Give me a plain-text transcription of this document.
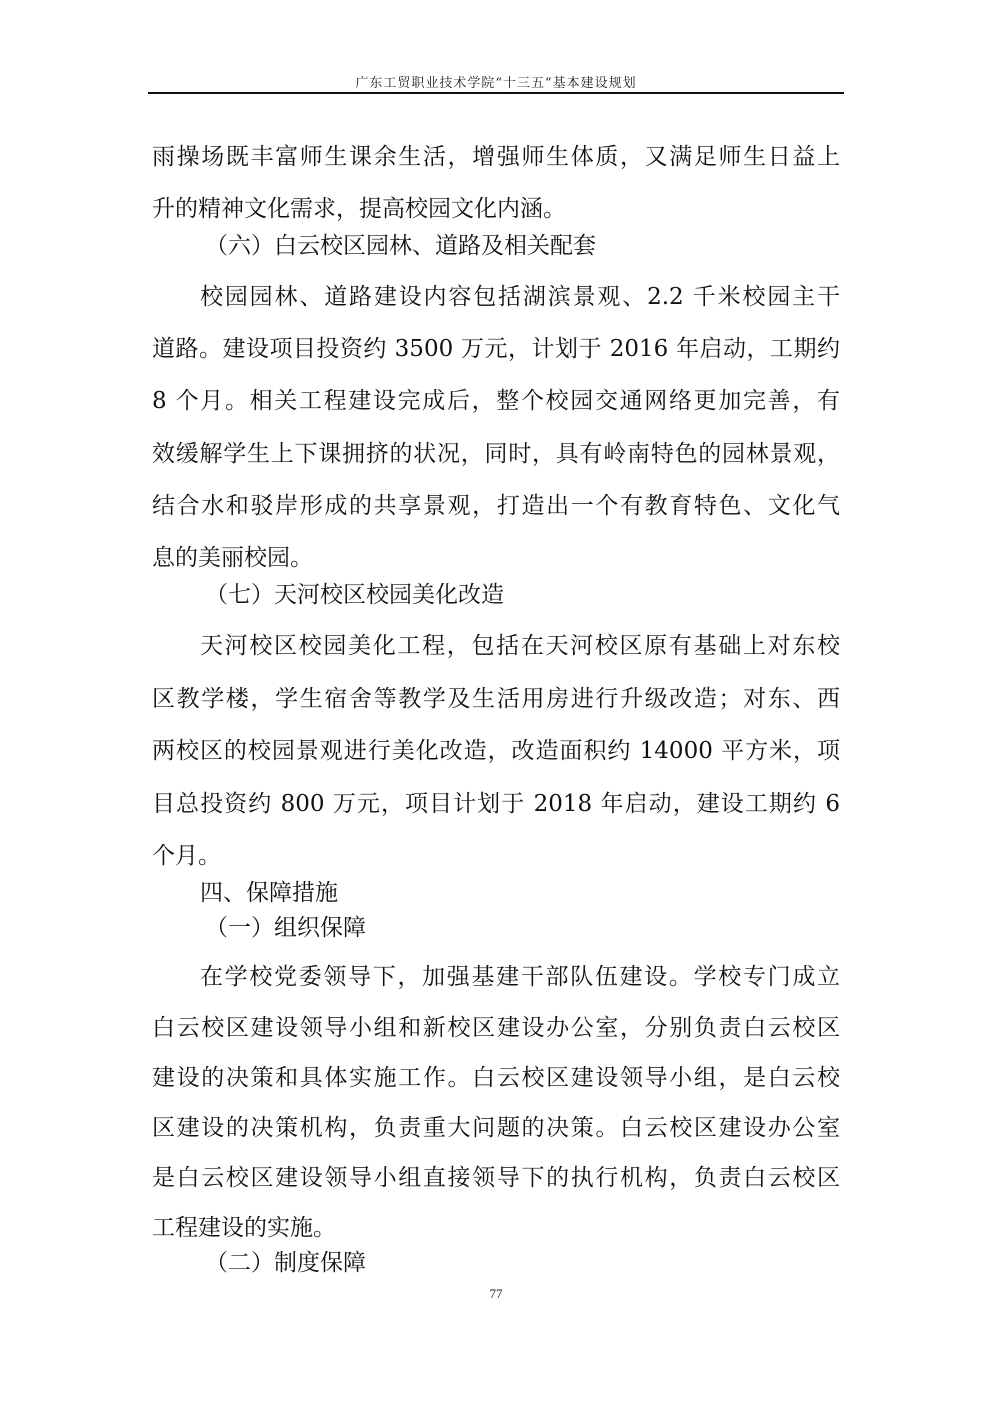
广东工贸职业技术学院“十三五”基本建设规划
雨操场既丰富师生课余生活，增强师生体质，又满足师生日益上
升的精神文化需求，提高校园文化内涵。
（六）白云校区园林、道路及相关配套
校园园林、道路建设内容包括湖滨景观、2.2 千米校园主干
道路。建设项目投资约 3500 万元，计划于 2016 年启动，工期约
8 个月。相关工程建设完成后，整个校园交通网络更加完善，有
效缓解学生上下课拥挤的状况，同时，具有岭南特色的园林景观，
结合水和驳岸形成的共享景观，打造出一个有教育特色、文化气
息的美丽校园。
（七）天河校区校园美化改造
天河校区校园美化工程，包括在天河校区原有基础上对东校
区教学楼，学生宿舍等教学及生活用房进行升级改造；对东、西
两校区的校园景观进行美化改造，改造面积约 14000 平方米，项
目总投资约 800 万元，项目计划于 2018 年启动，建设工期约 6
个月。
四、保障措施
（一）组织保障
在学校党委领导下，加强基建干部队伍建设。学校专门成立
白云校区建设领导小组和新校区建设办公室，分别负责白云校区
建设的决策和具体实施工作。白云校区建设领导小组，是白云校
区建设的决策机构，负责重大问题的决策。白云校区建设办公室
是白云校区建设领导小组直接领导下的执行机构，负责白云校区
工程建设的实施。
（二）制度保障
77
